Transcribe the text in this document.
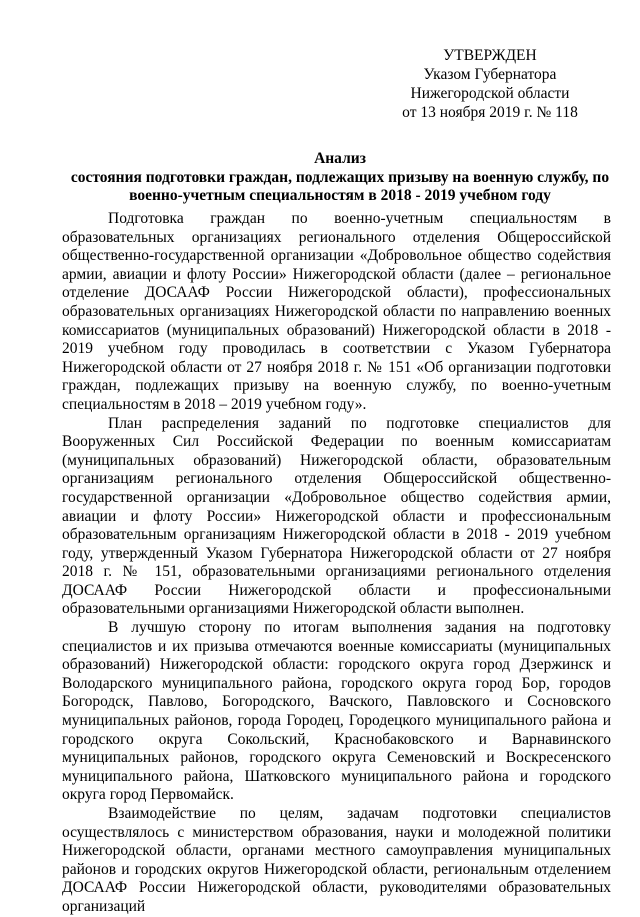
УТВЕРЖДЕН
Указом Губернатора
Нижегородской области
от 13 ноября 2019 г. № 118
Анализ
состояния подготовки граждан, подлежащих призыву на военную службу, по
военно-учетным специальностям в 2018 - 2019 учебном году

Подготовка граждан по военно-учетным специальностям в образовательных организациях регионального отделения Общероссийской общественно-государственной организации «Добровольное общество содействия армии, авиации и флоту России» Нижегородской области (далее – региональное отделение ДОСААФ России Нижегородской области), профессиональных образовательных организациях Нижегородской области по направлению военных комиссариатов (муниципальных образований) Нижегородской области в 2018 - 2019 учебном году проводилась в соответствии с Указом Губернатора Нижегородской области от 27 ноября 2018 г. № 151 «Об организации подготовки граждан, подлежащих призыву на военную службу, по военно-учетным специальностям в 2018 – 2019 учебном году».

План распределения заданий по подготовке специалистов для Вооруженных Сил Российской Федерации по военным комиссариатам (муниципальных образований) Нижегородской области, образовательным организациям регионального отделения Общероссийской общественно-государственной организации «Добровольное общество содействия армии, авиации и флоту России» Нижегородской области и профессиональным образовательным организациям Нижегородской области в 2018 - 2019 учебном году, утвержденный Указом Губернатора Нижегородской области от 27 ноября 2018 г. № 151, образовательными организациями регионального отделения ДОСААФ России Нижегородской области и профессиональными образовательными организациями Нижегородской области выполнен.

В лучшую сторону по итогам выполнения задания на подготовку специалистов и их призыва отмечаются военные комиссариаты (муниципальных образований) Нижегородской области: городского округа город Дзержинск и Володарского муниципального района, городского округа город Бор, городов Богородск, Павлово, Богородского, Вачского, Павловского и Сосновского муниципальных районов, города Городец, Городецкого муниципального района и городского округа Сокольский, Краснобаковского и Варнавинского муниципальных районов, городского округа Семеновский и Воскресенского муниципального района, Шатковского муниципального района и городского округа город Первомайск.

Взаимодействие по целям, задачам подготовки специалистов осуществлялось с министерством образования, науки и молодежной политики Нижегородской области, органами местного самоуправления муниципальных районов и городских округов Нижегородской области, региональным отделением ДОСААФ России Нижегородской области, руководителями образовательных организаций
